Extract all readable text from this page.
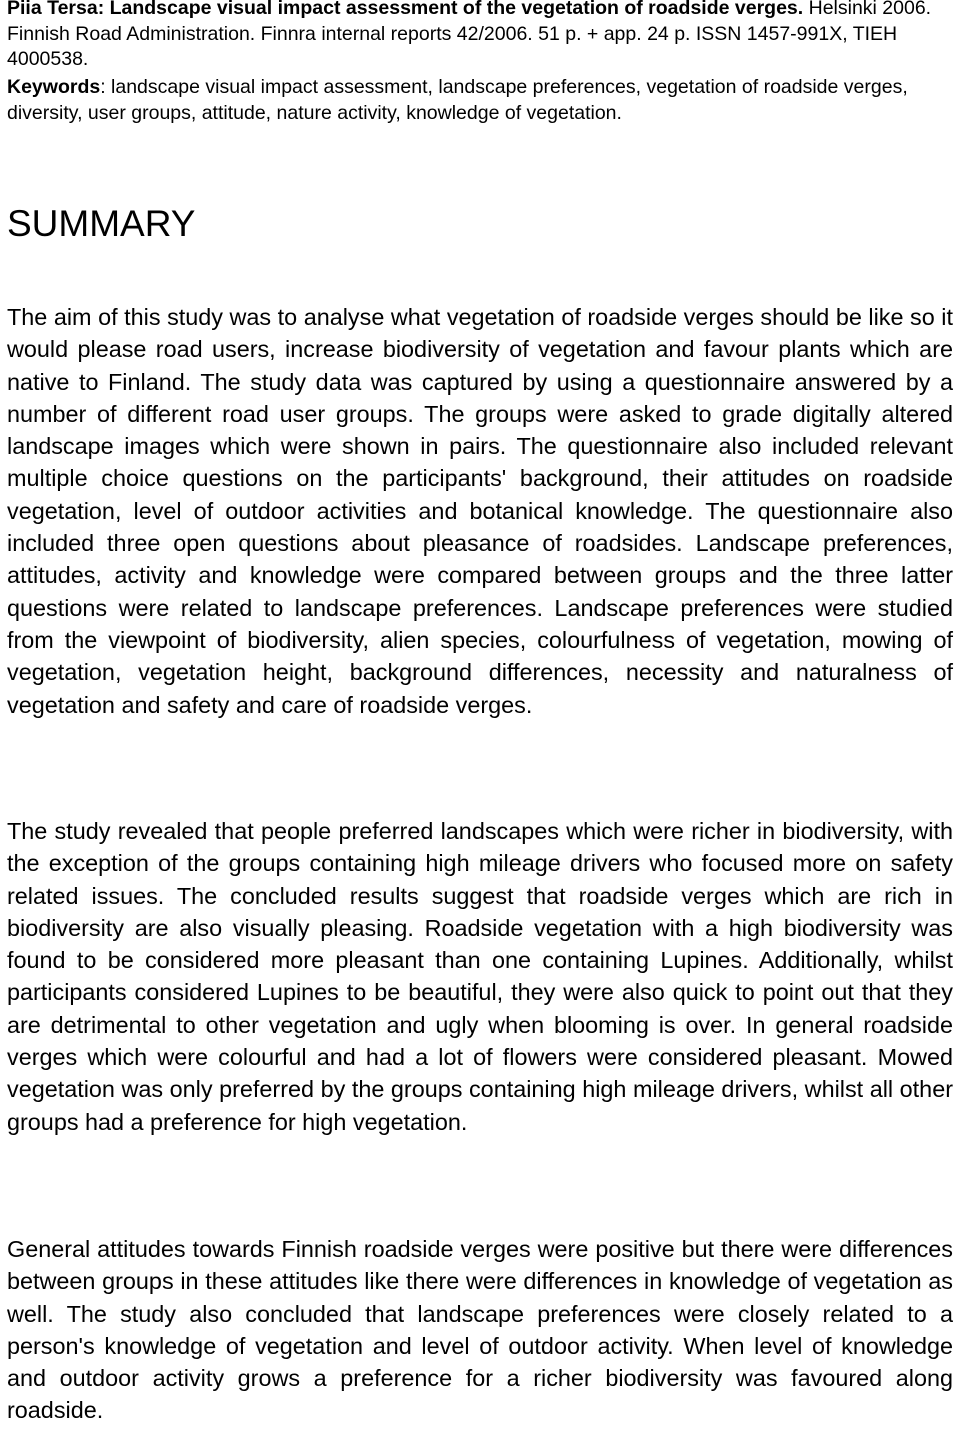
Piia Tersa: Landscape visual impact assessment of the vegetation of roadside verges. Helsinki 2006. Finnish Road Administration. Finnra internal reports 42/2006. 51 p. + app. 24 p. ISSN 1457-991X, TIEH 4000538.
Keywords: landscape visual impact assessment, landscape preferences, vegetation of roadside verges, diversity, user groups, attitude, nature activity, knowledge of vegetation.
SUMMARY

The aim of this study was to analyse what vegetation of roadside verges should be like so it would please road users, increase biodiversity of vegetation and favour plants which are native to Finland. The study data was captured by using a questionnaire answered by a number of different road user groups. The groups were asked to grade digitally altered landscape images which were shown in pairs. The questionnaire also included relevant multiple choice questions on the participants' background, their attitudes on roadside vegetation, level of outdoor activities and botanical knowledge. The questionnaire also included three open questions about pleasance of roadsides. Landscape preferences, attitudes, activity and knowledge were compared between groups and the three latter questions were related to landscape preferences. Landscape preferences were studied from the viewpoint of biodiversity, alien species, colourfulness of vegetation, mowing of vegetation, vegetation height, background differences, necessity and naturalness of vegetation and safety and care of roadside verges.

The study revealed that people preferred landscapes which were richer in biodiversity, with the exception of the groups containing high mileage drivers who focused more on safety related issues. The concluded results suggest that roadside verges which are rich in biodiversity are also visually pleasing. Roadside vegetation with a high biodiversity was found to be considered more pleasant than one containing Lupines. Additionally, whilst participants considered Lupines to be beautiful, they were also quick to point out that they are detrimental to other vegetation and ugly when blooming is over. In general roadside verges which were colourful and had a lot of flowers were considered pleasant. Mowed vegetation was only preferred by the groups containing high mileage drivers, whilst all other groups had a preference for high vegetation.

General attitudes towards Finnish roadside verges were positive but there were differences between groups in these attitudes like there were differences in knowledge of vegetation as well. The study also concluded that landscape preferences were closely related to a person's knowledge of vegetation and level of outdoor activity. When level of knowledge and outdoor activity grows a preference for a richer biodiversity was favoured along roadside.
